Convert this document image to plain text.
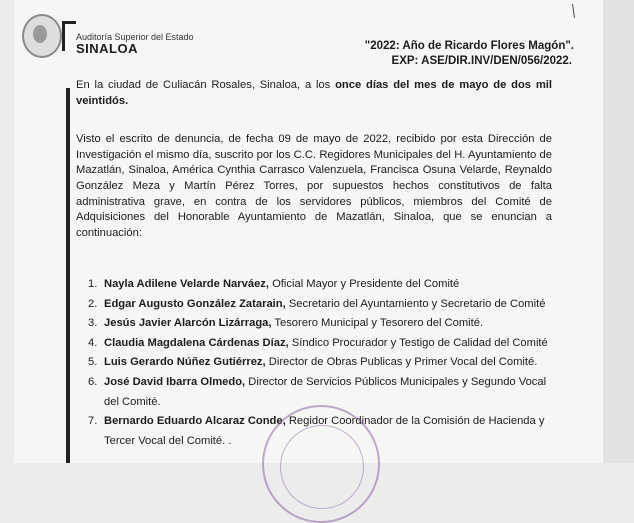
Auditoría Superior del Estado
SINALOA	"2022: Año de Ricardo Flores Magón".
EXP: ASE/DIR.INV/DEN/056/2022.
En la ciudad de Culiacán Rosales, Sinaloa, a los once días del mes de mayo de dos mil veintidós.
Visto el escrito de denuncia, de fecha 09 de mayo de 2022, recibido por esta Dirección de Investigación el mismo día, suscrito por los C.C. Regidores Municipales del H. Ayuntamiento de Mazatlán, Sinaloa, América Cynthia Carrasco Valenzuela, Francisca Osuna Velarde, Reynaldo González Meza y Martín Pérez Torres, por supuestos hechos constitutivos de falta administrativa grave, en contra de los servidores públicos, miembros del Comité de Adquisiciones del Honorable Ayuntamiento de Mazatlán, Sinaloa, que se enuncian a continuación:
1. Nayla Adilene Velarde Narváez, Oficial Mayor y Presidente del Comité
2. Edgar Augusto González Zatarain, Secretario del Ayuntamiento y Secretario de Comité
3. Jesús Javier Alarcón Lizárraga, Tesorero Municipal y Tesorero del Comité.
4. Claudia Magdalena Cárdenas Díaz, Síndico Procurador y Testigo de Calidad del Comité
5. Luis Gerardo Núñez Gutiérrez, Director de Obras Publicas y Primer Vocal del Comité.
6. José David Ibarra Olmedo, Director de Servicios Públicos Municipales y Segundo Vocal del Comité.
7. Bernardo Eduardo Alcaraz Conde, Regidor Coordinador de la Comisión de Hacienda y Tercer Vocal del Comité. .
